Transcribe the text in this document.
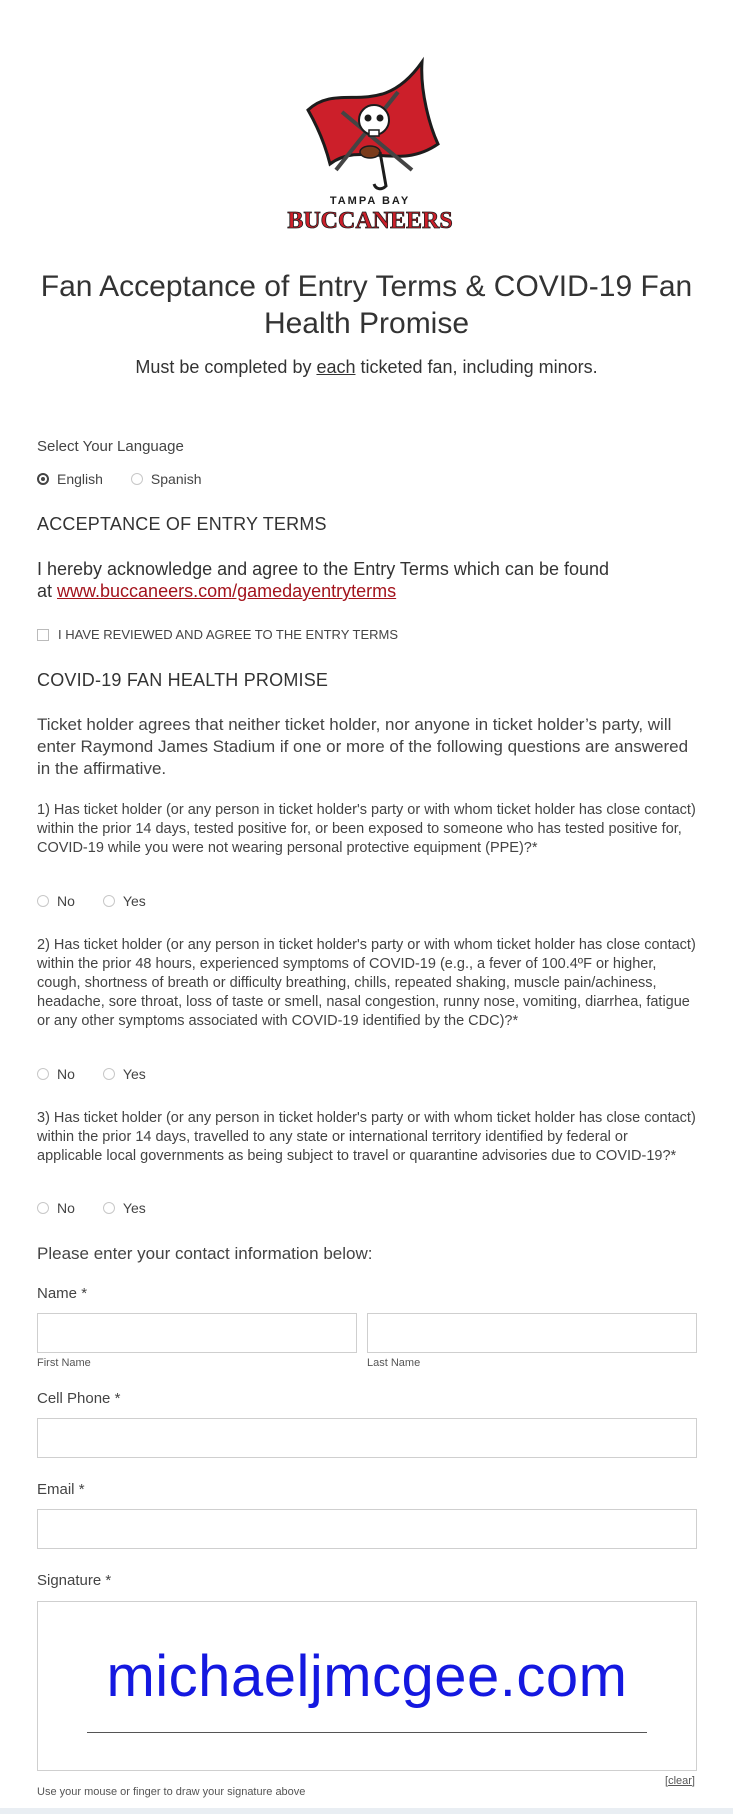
TAMPA BAY
BUCCANEERS
Fan Acceptance of Entry Terms & COVID-19 Fan Health Promise
Must be completed by each ticketed fan, including minors.
Select Your Language
English	Spanish
ACCEPTANCE OF ENTRY TERMS
I hereby acknowledge and agree to the Entry Terms which can be found
at www.buccaneers.com/gamedayentryterms
I HAVE REVIEWED AND AGREE TO THE ENTRY TERMS
COVID-19 FAN HEALTH PROMISE
Ticket holder agrees that neither ticket holder, nor anyone in ticket holder’s party, will enter Raymond James Stadium if one or more of the following questions are answered in the affirmative.
1) Has ticket holder (or any person in ticket holder's party or with whom ticket holder has close contact) within the prior 14 days, tested positive for, or been exposed to someone who has tested positive for, COVID-19 while you were not wearing personal protective equipment (PPE)?*
No	Yes
2) Has ticket holder (or any person in ticket holder's party or with whom ticket holder has close contact) within the prior 48 hours, experienced symptoms of COVID-19 (e.g., a fever of 100.4ºF or higher, cough, shortness of breath or difficulty breathing, chills, repeated shaking, muscle pain/achiness, headache, sore throat, loss of taste or smell, nasal congestion, runny nose, vomiting, diarrhea, fatigue or any other symptoms associated with COVID-19 identified by the CDC)?*
No	Yes
3) Has ticket holder (or any person in ticket holder's party or with whom ticket holder has close contact) within the prior 14 days, travelled to any state or international territory identified by federal or applicable local governments as being subject to travel or quarantine advisories due to COVID-19?*
No	Yes
Please enter your contact information below:
Name *
First Name	Last Name
Cell Phone *
Email *
Signature *
michaeljmcgee.com
[clear]
Use your mouse or finger to draw your signature above
